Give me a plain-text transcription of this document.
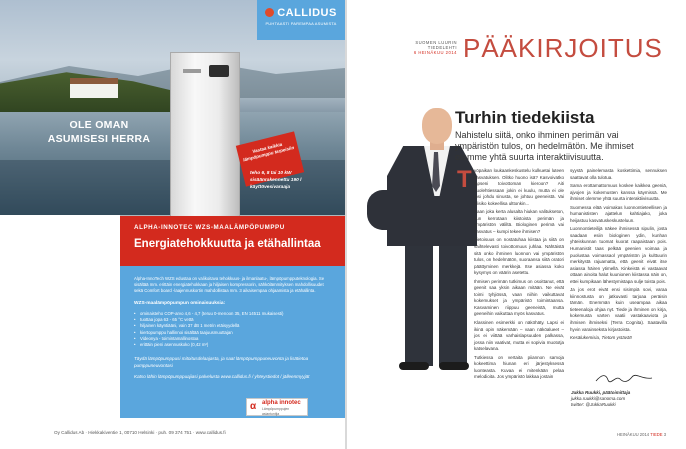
OLE OMAN ASUMISESI HERRA
CALLIDUS
PUHTAASTI PAREMPAA ASUMISTA
Vastaa kaikkia lämpöpumppu tarpeisiin
teho 6, 8 tai 10 kW
sisäänrakennettu 190 l käyttövesivaraaja
ALPHA-INNOTEC WZS-MAALÄMPÖPUMPPU
Energiatehokkuutta ja etähallintaa
Alpha-InnoTech WZS edustaa on valikoitava tehokkuus- ja ilmanlaatu-, lämpöpumpputeknologia. Se sisältää mm. erittäin energiatehokkaan ja hiljaisen kompressorin, sähkölämmityksen mahdollisuudet sekä Comfort board -laajennuskortin mahdollistaa mm. 3 aikaisempaa ohjaamista ja etähallinta.
WZS-maalämpöpumpun ominaisuuksia:
• ominaisteho COP-arvo 4,6 - 4,7 (teruu 0-menoon 35, EN 14511 mukaisesti)
• tuottaa jopa 63 - 65 °C vettä
• hiljainen käyntiääni, vain 37 dB 1 metrin etäisyydellä
• kiertopumppu hallinnoi sisältää taajuusmuuttajan
• Videonya - toimintamallinostoa
• erittäin pieni asennuskoko (0,42 m²)
Täydä lämpöpumppusi mitoitusdelaajasta, ja saat lämpöpumppuneuvonta ja lisätietoa pumppuneuvontasi
Katso lähin lämpöpumppuajiasi palvelusta www.callidus.fi / yhteystiedot / jälleenmyyjät
α alpha innotec
Lämpöpumppujen asiantuntija
Oy Callidus Ab · Hiekkakiventie 1, 00710 Helsinki · puh. 09 374 751 · www.callidus.fi
SUOMEN LUURIN TIEDELEHTI
6 HEINÄKUU 2014 PÄÄKIRJOITUS
Turhin tiedekiista
Nahistelu siitä, onko ihminen perimän vai ympäristön tulos, on hedelmätön. Me ihmiset olemme yhtä suurta interaktiivisuutta.
T yöpaikan loukaankeskustelu kulkuetai luteen kasvatuksen. Olitko huono isä? Kasvoivatko lapseni toivottoman kieroon? Aiti huolehtiessaan jokin ei kuulu, mutta ei ole tosi johdu sinusta, se johtuu geeneistä. Vai olisiko kokeellisa ulttonkin...

Saan joka kerta alusalta hiukan valitukseton, kun kerrotaan kiistoista perimän ja ympäristön väliltä. Biologinen perimä vai kasvatus – kumpi tekee ihmisen?

Tietoisuus on nostatuhaa kiistaa ja siitä on vaihtelevasti toivottomuus juhlaa. Nähtäistä sitä onko ihminen luonnon vai ympäristön tulos, on hedelmätön, suoraansa siitä oratori päättyminen merkkejä. Itse asiassa koko kysymys on väärin asetettu.

Ihmisen perimän tutkimus on osoittanut, että geenit saa yksin aikaan mitään. Ne eivät toimi tyhjiössä, vaan niihin vaikuttavat kokemukset ja ympäristö toimintaansa. Kasvaminen riippuu geeneistä, mutta geeneihin vaikuttaa myös kasvatus.

Klassinen esimerkki on näköhäty. Lapsi ei ikinä opin näkemään – vaan näköalueet – jos ei viittää varhaislapsuuden palkassa, jossa niin vaativat, mutta ei sopivia muototja katselavana.

Tutkiessa on vertaita piiannon samoja kokeettima hiunan eri järjestyksessä luonteasta. Kuvaa ei mitenkään pelaa melodioita. Jos ympäristö lakkaa jostain

syystä painelemasta koskettimia, sennuksen saattavat olla tulotua.

Sama erottamattomuus koskee kaikkea geeniä, ajvojen ja kokemusten kanssa käymissä. Me ihmiset olemme yhtä suurta interaktiivisuutta.

Suomessa elää voimakas luonnontieteellisen ja humanististen ajattelun kahtiajako, joka heijastuu kasvatuskeskusteluun.

Luonnontieteilijä näkee ihmisessä sipulin, josta saadaan esiin biologinen ydin, kunhan yhteiskunnan tuomat kuorat raapaistaan pois. Humanistit taas pelkää geenien voimaa ja puolustaa voimassaol ympäristön ja kulttuurin merkitystä rajuamatta, että geenit eivät itse asiassa häiren ytimellä. Kinkeistä ei vastaavat ottaan ainoita halut kuunionen kiistassa näin on, ettei kumpikaan lähestymistapa sulje toista pois.

Ja jos erot eivät ensi sisimpiä sovi, varaa kiinnostusta on jatkuvasti tarjoaa peräisin tämän. Enemmän kuin useampaa aikaa tieteenaloja ohjaa nyt. Tiede ja ihminen on kirja, kokemusta varten vaatii vastakaaviota ja ihmisen ihmiseksi (Terra Cognita). Saatavilla hyvin varainseksta kirjastoista.

Kesälukemisia, Tietom ystävät!

Jukka Ruukki, päätoimittaja
jukka.ruukki@sanoma.com
twitter: @JukkaRuukki
HEINÄKUU 2014 TIEDE 3
